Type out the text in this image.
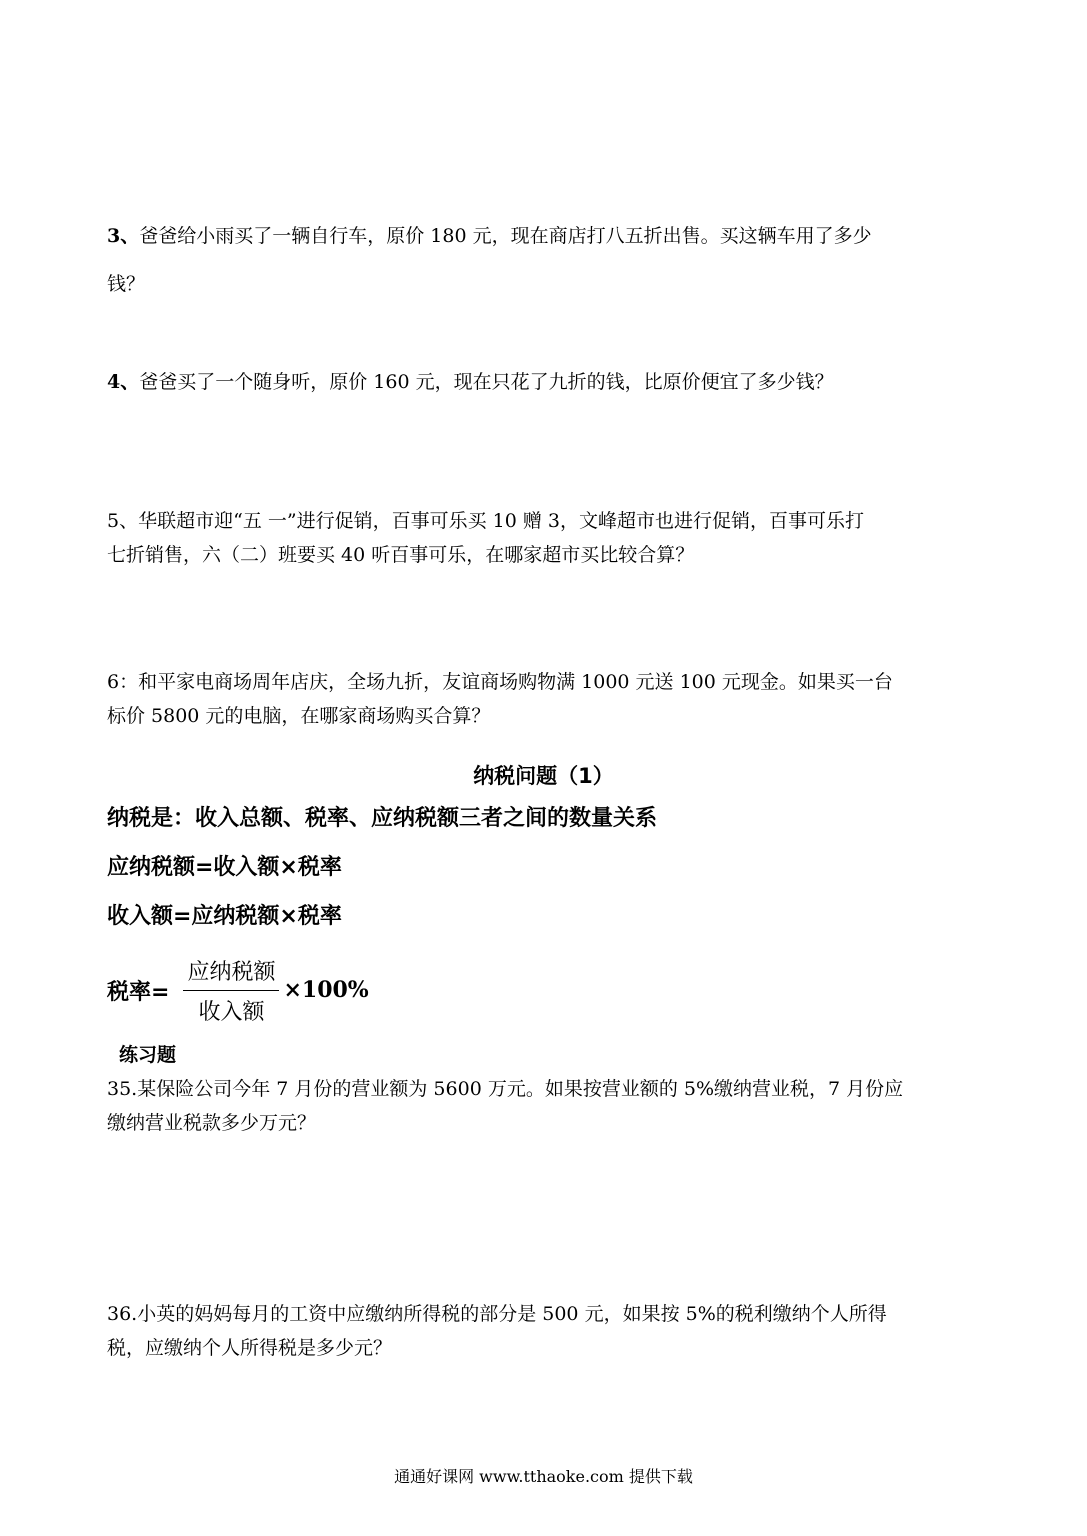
3、爸爸给小雨买了一辆自行车，原价 180 元，现在商店打八五折出售。买这辆车用了多少
钱？
4、爸爸买了一个随身听，原价 160 元，现在只花了九折的钱，比原价便宜了多少钱？
5、华联超市迎“五 一”进行促销，百事可乐买 10 赠 3，文峰超市也进行促销，百事可乐打
七折销售，六（二）班要买 40 听百事可乐，在哪家超市买比较合算？
6：和平家电商场周年店庆，全场九折，友谊商场购物满 1000 元送 100 元现金。如果买一台
标价 5800 元的电脑，在哪家商场购买合算？
纳税问题（1）
纳税是：收入总额、税率、应纳税额三者之间的数量关系
应纳税额=收入额×税率
收入额=应纳税额×税率
税率= $\frac{\text{应纳税额}}{\text{收入额}} \times 100\%$
练习题
35.某保险公司今年 7 月份的营业额为 5600 万元。如果按营业额的 5%缴纳营业税，7 月份应
缴纳营业税款多少万元？
36.小英的妈妈每月的工资中应缴纳所得税的部分是 500 元，如果按 5%的税利缴纳个人所得
税，应缴纳个人所得税是多少元？
通通好课网 www.tthaoke.com 提供下载
